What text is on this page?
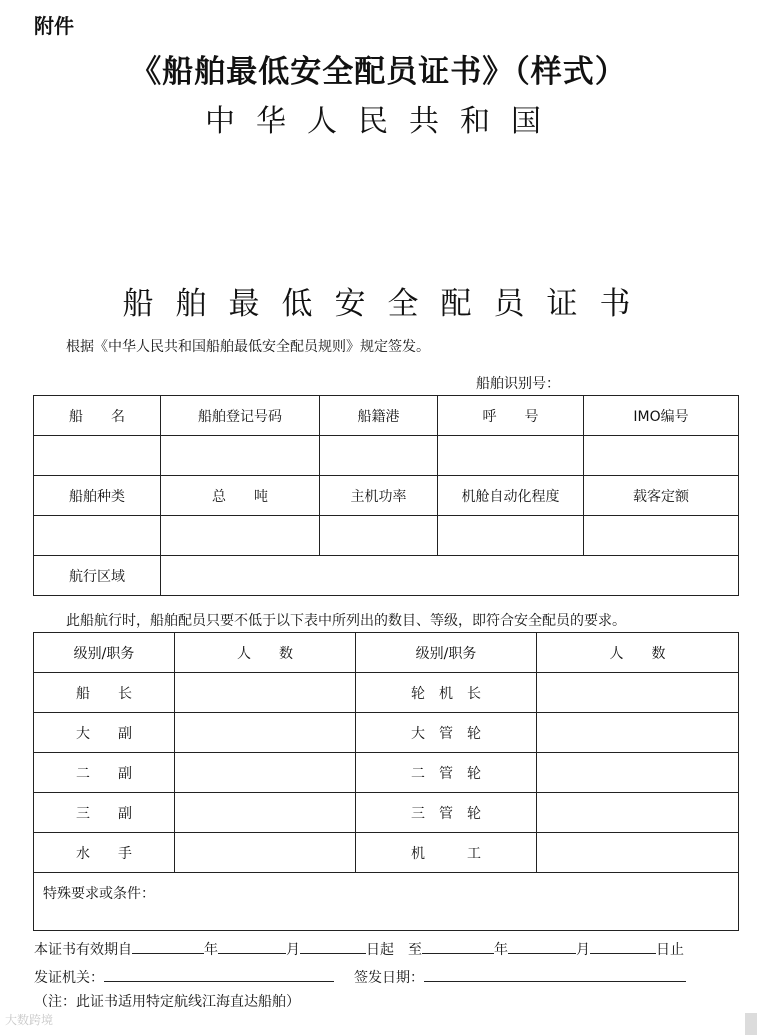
附件
《船舶最低安全配员证书》（样式）
中华人民共和国
船舶最低安全配员证书
根据《中华人民共和国船舶最低安全配员规则》规定签发。
船舶识别号：
船　　名	船舶登记号码	船籍港	呼　　号	IMO编号

船舶种类	总　　吨	主机功率	机舱自动化程度	载客定额

航行区域				
此船航行时，船舶配员只要不低于以下表中所列出的数目、等级，即符合安全配员的要求。
级别/职务	人　　数	级别/职务	人　　数
船　　长		轮　机　长	
大　　副		大　管　轮	
二　　副		二　管　轮	
三　　副		三　管　轮	
水　　手		机　　　工	
特殊要求或条件：			
本证书有效期自	年	月	日起　至	年	月	日止
发证机关：	签发日期：
（注：此证书适用特定航线江海直达船舶）
大数跨境
